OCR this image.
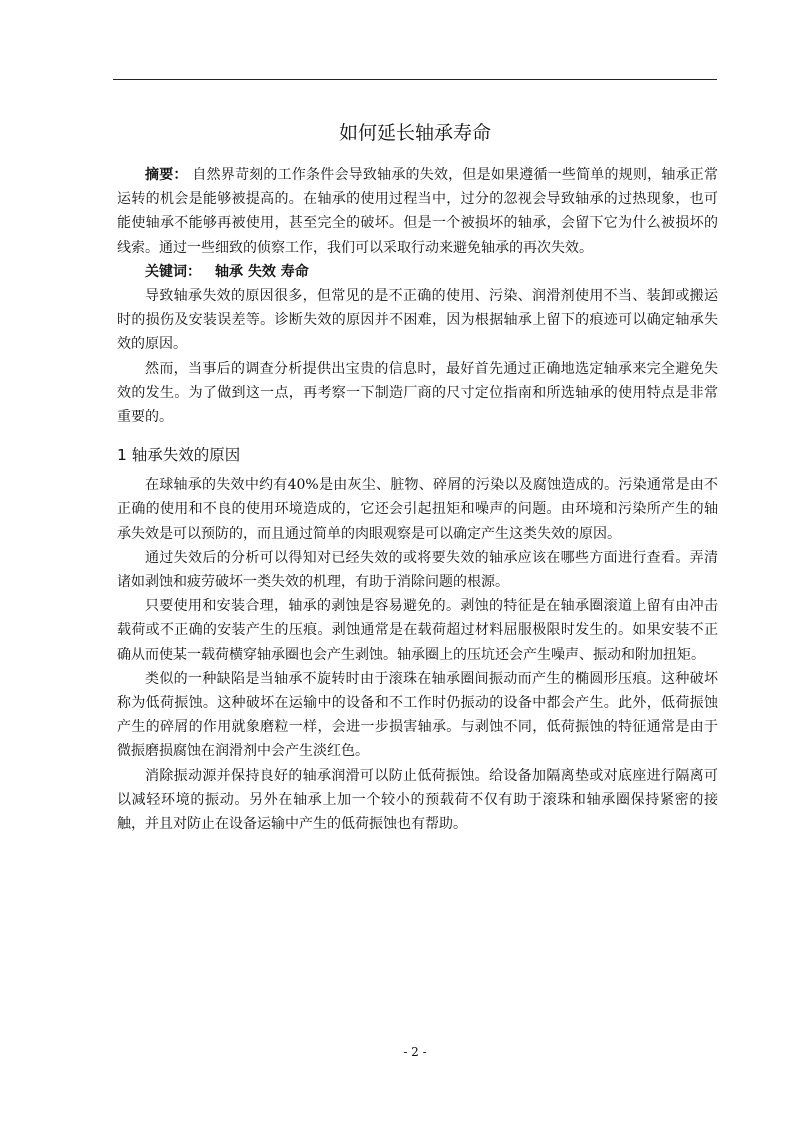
如何延长轴承寿命

摘要： 自然界苛刻的工作条件会导致轴承的失效，但是如果遵循一些简单的规则，轴承正常运转的机会是能够被提高的。在轴承的使用过程当中，过分的忽视会导致轴承的过热现象，也可能使轴承不能够再被使用，甚至完全的破坏。但是一个被损坏的轴承，会留下它为什么被损坏的线索。通过一些细致的侦察工作，我们可以采取行动来避免轴承的再次失效。

关键词： 轴承 失效 寿命

导致轴承失效的原因很多，但常见的是不正确的使用、污染、润滑剂使用不当、装卸或搬运时的损伤及安装误差等。诊断失效的原因并不困难，因为根据轴承上留下的痕迹可以确定轴承失效的原因。

然而，当事后的调查分析提供出宝贵的信息时，最好首先通过正确地选定轴承来完全避免失效的发生。为了做到这一点，再考察一下制造厂商的尺寸定位指南和所选轴承的使用特点是非常重要的。

1 轴承失效的原因

在球轴承的失效中约有40%是由灰尘、脏物、碎屑的污染以及腐蚀造成的。污染通常是由不正确的使用和不良的使用环境造成的，它还会引起扭矩和噪声的问题。由环境和污染所产生的轴承失效是可以预防的，而且通过简单的肉眼观察是可以确定产生这类失效的原因。

通过失效后的分析可以得知对已经失效的或将要失效的轴承应该在哪些方面进行查看。弄清诸如剥蚀和疲劳破坏一类失效的机理，有助于消除问题的根源。

只要使用和安装合理，轴承的剥蚀是容易避免的。剥蚀的特征是在轴承圈滚道上留有由冲击载荷或不正确的安装产生的压痕。剥蚀通常是在载荷超过材料屈服极限时发生的。如果安装不正确从而使某一载荷横穿轴承圈也会产生剥蚀。轴承圈上的压坑还会产生噪声、振动和附加扭矩。

类似的一种缺陷是当轴承不旋转时由于滚珠在轴承圈间振动而产生的椭圆形压痕。这种破坏称为低荷振蚀。这种破坏在运输中的设备和不工作时仍振动的设备中都会产生。此外，低荷振蚀产生的碎屑的作用就象磨粒一样，会进一步损害轴承。与剥蚀不同，低荷振蚀的特征通常是由于微振磨损腐蚀在润滑剂中会产生淡红色。

消除振动源并保持良好的轴承润滑可以防止低荷振蚀。给设备加隔离垫或对底座进行隔离可以减轻环境的振动。另外在轴承上加一个较小的预载荷不仅有助于滚珠和轴承圈保持紧密的接触，并且对防止在设备运输中产生的低荷振蚀也有帮助。

- 2 -
